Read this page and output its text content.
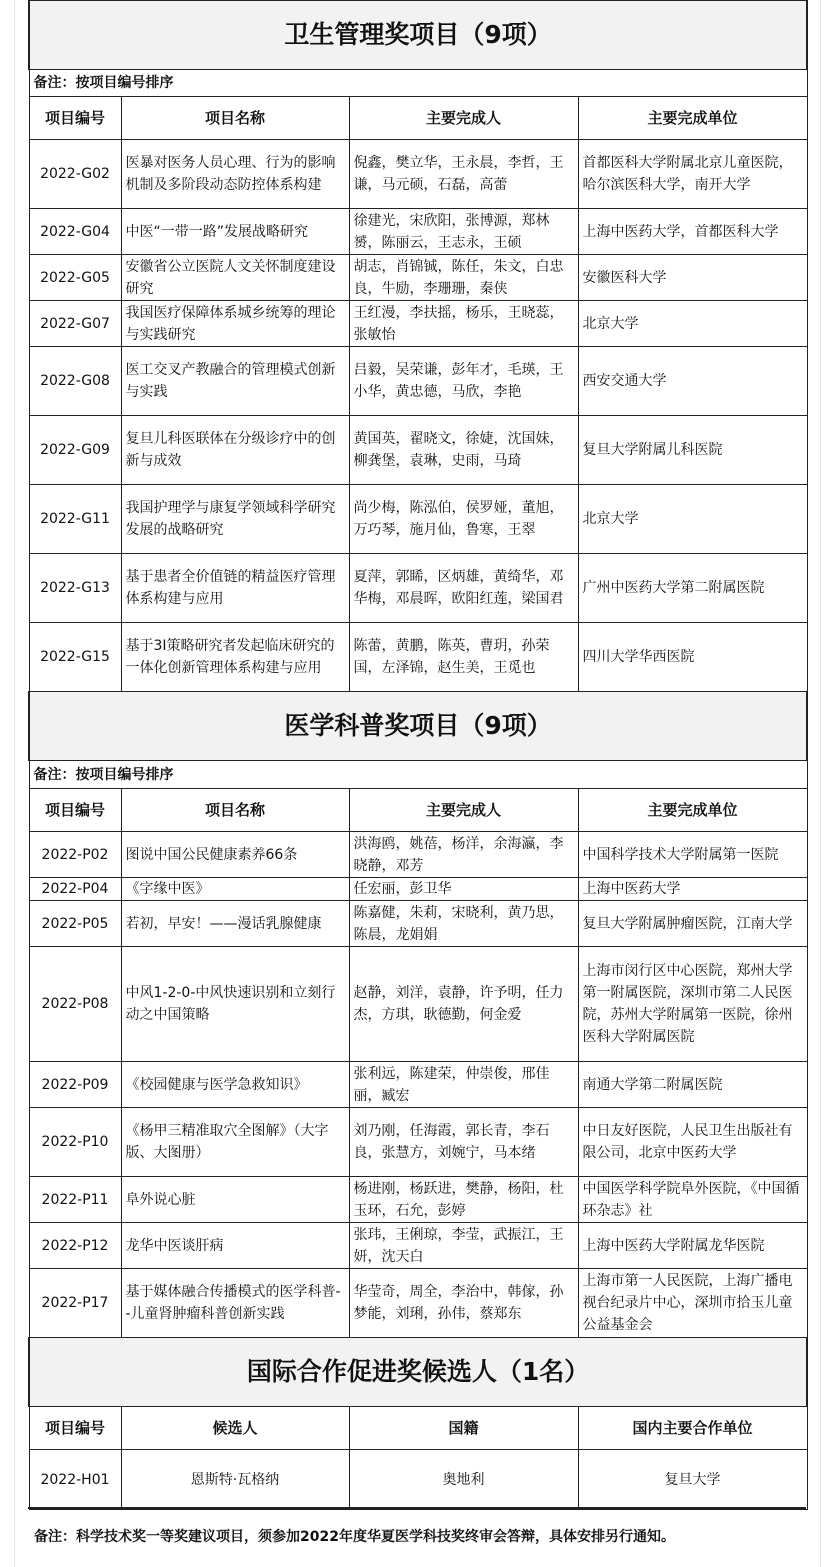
卫生管理奖项目（9项）			
备注：按项目编号排序			
项目编号	项目名称	主要完成人	主要完成单位
2022-G02	医暴对医务人员心理、行为的影响机制及多阶段动态防控体系构建	倪鑫，樊立华，王永晨，李哲，王谦，马元硕，石磊，高蕾	首都医科大学附属北京儿童医院，哈尔滨医科大学，南开大学
2022-G04	中医“一带一路”发展战略研究	徐建光，宋欣阳，张博源，郑林赟，陈丽云，王志永，王硕	上海中医药大学，首都医科大学
2022-G05	安徽省公立医院人文关怀制度建设研究	胡志，肖锦铖，陈任，朱文，白忠良，牛励，李珊珊，秦侠	安徽医科大学
2022-G07	我国医疗保障体系城乡统筹的理论与实践研究	王红漫，李扶摇，杨乐，王晓蕊，张敏怡	北京大学
2022-G08	医工交叉产教融合的管理模式创新与实践	吕毅，吴荣谦，彭年才，毛瑛，王小华，黄忠德，马欣，李艳	西安交通大学
2022-G09	复旦儿科医联体在分级诊疗中的创新与成效	黄国英，翟晓文，徐婕，沈国妹，柳龚堡，袁琳，史雨，马琦	复旦大学附属儿科医院
2022-G11	我国护理学与康复学领域科学研究发展的战略研究	尚少梅，陈泓伯，侯罗娅，董旭，万巧琴，施月仙，鲁寒，王翠	北京大学
2022-G13	基于患者全价值链的精益医疗管理体系构建与应用	夏萍，郭睎，区炳雄，黄绮华，邓华梅，邓晨晖，欧阳红莲，梁国君	广州中医药大学第二附属医院
2022-G15	基于3I策略研究者发起临床研究的一体化创新管理体系构建与应用	陈蕾，黄鹏，陈英，曹玥，孙荣国，左泽锦，赵生美，王觅也	四川大学华西医院
医学科普奖项目（9项）			
备注：按项目编号排序			
项目编号	项目名称	主要完成人	主要完成单位
2022-P02	图说中国公民健康素养66条	洪海鸥，姚蓓，杨洋，余海瀛，李晓静，邓芳	中国科学技术大学附属第一医院
2022-P04	《字缘中医》	任宏丽，彭卫华	上海中医药大学
2022-P05	若初，早安！——漫话乳腺健康	陈嘉健，朱莉，宋晓利，黄乃思，陈晨，龙娟娟	复旦大学附属肿瘤医院，江南大学
2022-P08	中风1-2-0-中风快速识别和立刻行动之中国策略	赵静，刘洋，袁静，许予明，任力杰，方琪，耿德勤，何金爱	上海市闵行区中心医院，郑州大学第一附属医院，深圳市第二人民医院，苏州大学附属第一医院，徐州医科大学附属医院
2022-P09	《校园健康与医学急救知识》	张利远，陈建荣，仲崇俊，邢佳丽，臧宏	南通大学第二附属医院
2022-P10	《杨甲三精准取穴全图解》（大字版、大图册）	刘乃刚，任海霞，郭长青，李石良，张慧方，刘婉宁，马本绪	中日友好医院，人民卫生出版社有限公司，北京中医药大学
2022-P11	阜外说心脏	杨进刚，杨跃进，樊静，杨阳，杜玉环，石允，彭婷	中国医学科学院阜外医院，《中国循环杂志》社
2022-P12	龙华中医谈肝病	张玮，王俐琼，李莹，武振江，王妍，沈天白	上海中医药大学附属龙华医院
2022-P17	基于媒体融合传播模式的医学科普--儿童肾肿瘤科普创新实践	华莹奇，周全，李治中，韩傢，孙梦能，刘琍，孙伟，蔡郑东	上海市第一人民医院，上海广播电视台纪录片中心，深圳市拾玉儿童公益基金会
国际合作促进奖候选人（1名）			
项目编号	候选人	国籍	国内主要合作单位
2022-H01	恩斯特·瓦格纳	奥地利	复旦大学
备注：科学技术奖一等奖建议项目，须参加2022年度华夏医学科技奖终审会答辩，具体安排另行通知。
